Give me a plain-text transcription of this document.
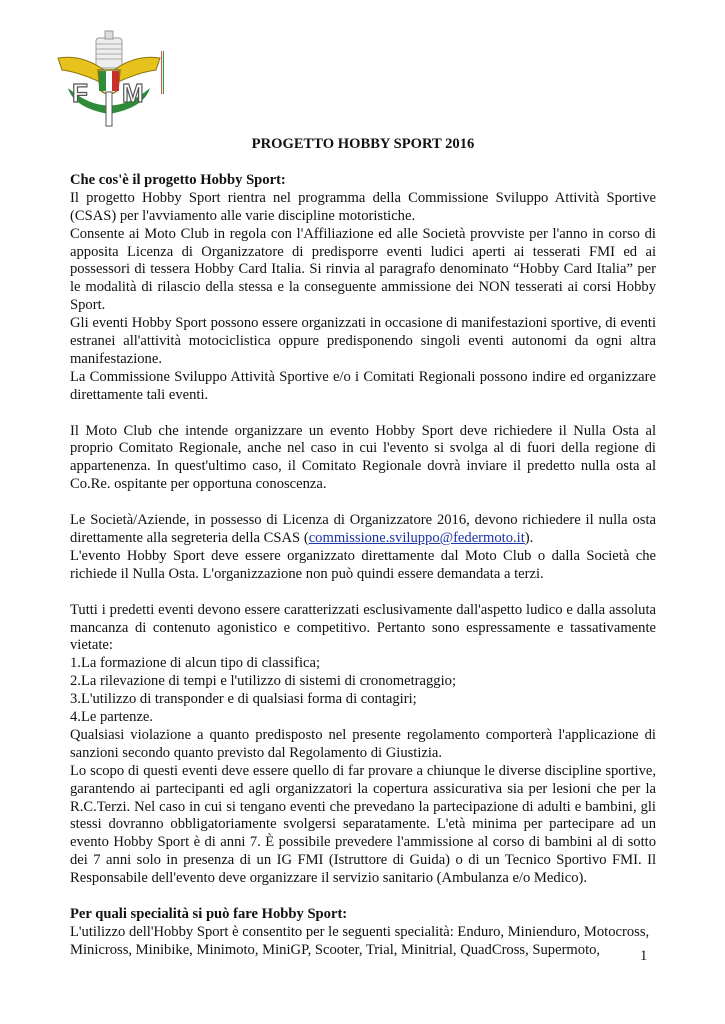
F M
PROGETTO HOBBY SPORT 2016

Che cos'è il progetto Hobby Sport:

Il progetto Hobby Sport rientra nel programma della Commissione Sviluppo Attività Sportive (CSAS) per l'avviamento alle varie discipline motoristiche.

Consente ai Moto Club in regola con l'Affiliazione ed alle Società provviste per l'anno in corso di apposita Licenza di Organizzatore di predisporre eventi ludici aperti ai tesserati FMI ed ai possessori di tessera Hobby Card Italia. Si rinvia al paragrafo denominato “Hobby Card Italia” per le modalità di rilascio della stessa e la conseguente ammissione dei NON tesserati ai corsi Hobby Sport.

Gli eventi Hobby Sport possono essere organizzati in occasione di manifestazioni sportive, di eventi estranei all'attività motociclistica oppure predisponendo singoli eventi autonomi da ogni altra manifestazione.

La Commissione Sviluppo Attività Sportive e/o i Comitati Regionali possono indire ed organizzare direttamente tali eventi.

Il Moto Club che intende organizzare un evento Hobby Sport deve richiedere il Nulla Osta al proprio Comitato Regionale, anche nel caso in cui l'evento si svolga al di fuori della regione di appartenenza. In quest'ultimo caso, il Comitato Regionale dovrà inviare il predetto nulla osta al Co.Re. ospitante per opportuna conoscenza.

Le Società/Aziende, in possesso di Licenza di Organizzatore 2016, devono richiedere il nulla osta direttamente alla segreteria della CSAS (commissione.sviluppo@federmoto.it).

L'evento Hobby Sport deve essere organizzato direttamente dal Moto Club o dalla Società che richiede il Nulla Osta. L'organizzazione non può quindi essere demandata a terzi.

Tutti i predetti eventi devono essere caratterizzati esclusivamente dall'aspetto ludico e dalla assoluta mancanza di contenuto agonistico e competitivo. Pertanto sono espressamente e tassativamente vietate:

1.La formazione di alcun tipo di classifica;

2.La rilevazione di tempi e l'utilizzo di sistemi di cronometraggio;

3.L'utilizzo di transponder e di qualsiasi forma di contagiri;

4.Le partenze.

Qualsiasi violazione a quanto predisposto nel presente regolamento comporterà l'applicazione di sanzioni secondo quanto previsto dal Regolamento di Giustizia.

Lo scopo di questi eventi deve essere quello di far provare a chiunque le diverse discipline sportive, garantendo ai partecipanti ed agli organizzatori la copertura assicurativa sia per lesioni che per la R.C.Terzi. Nel caso in cui si tengano eventi che prevedano la partecipazione di adulti e bambini, gli stessi dovranno obbligatoriamente svolgersi separatamente. L'età minima per partecipare ad un evento Hobby Sport è di anni 7. È possibile prevedere l'ammissione al corso di bambini al di sotto dei 7 anni solo in presenza di un IG FMI (Istruttore di Guida) o di un Tecnico Sportivo FMI. Il Responsabile dell'evento deve organizzare il servizio sanitario (Ambulanza e/o Medico).

Per quali specialità si può fare Hobby Sport:

L'utilizzo dell'Hobby Sport è consentito per le seguenti specialità: Enduro, Minienduro, Motocross, Minicross, Minibike, Minimoto, MiniGP, Scooter, Trial, Minitrial, QuadCross, Supermoto,	1
